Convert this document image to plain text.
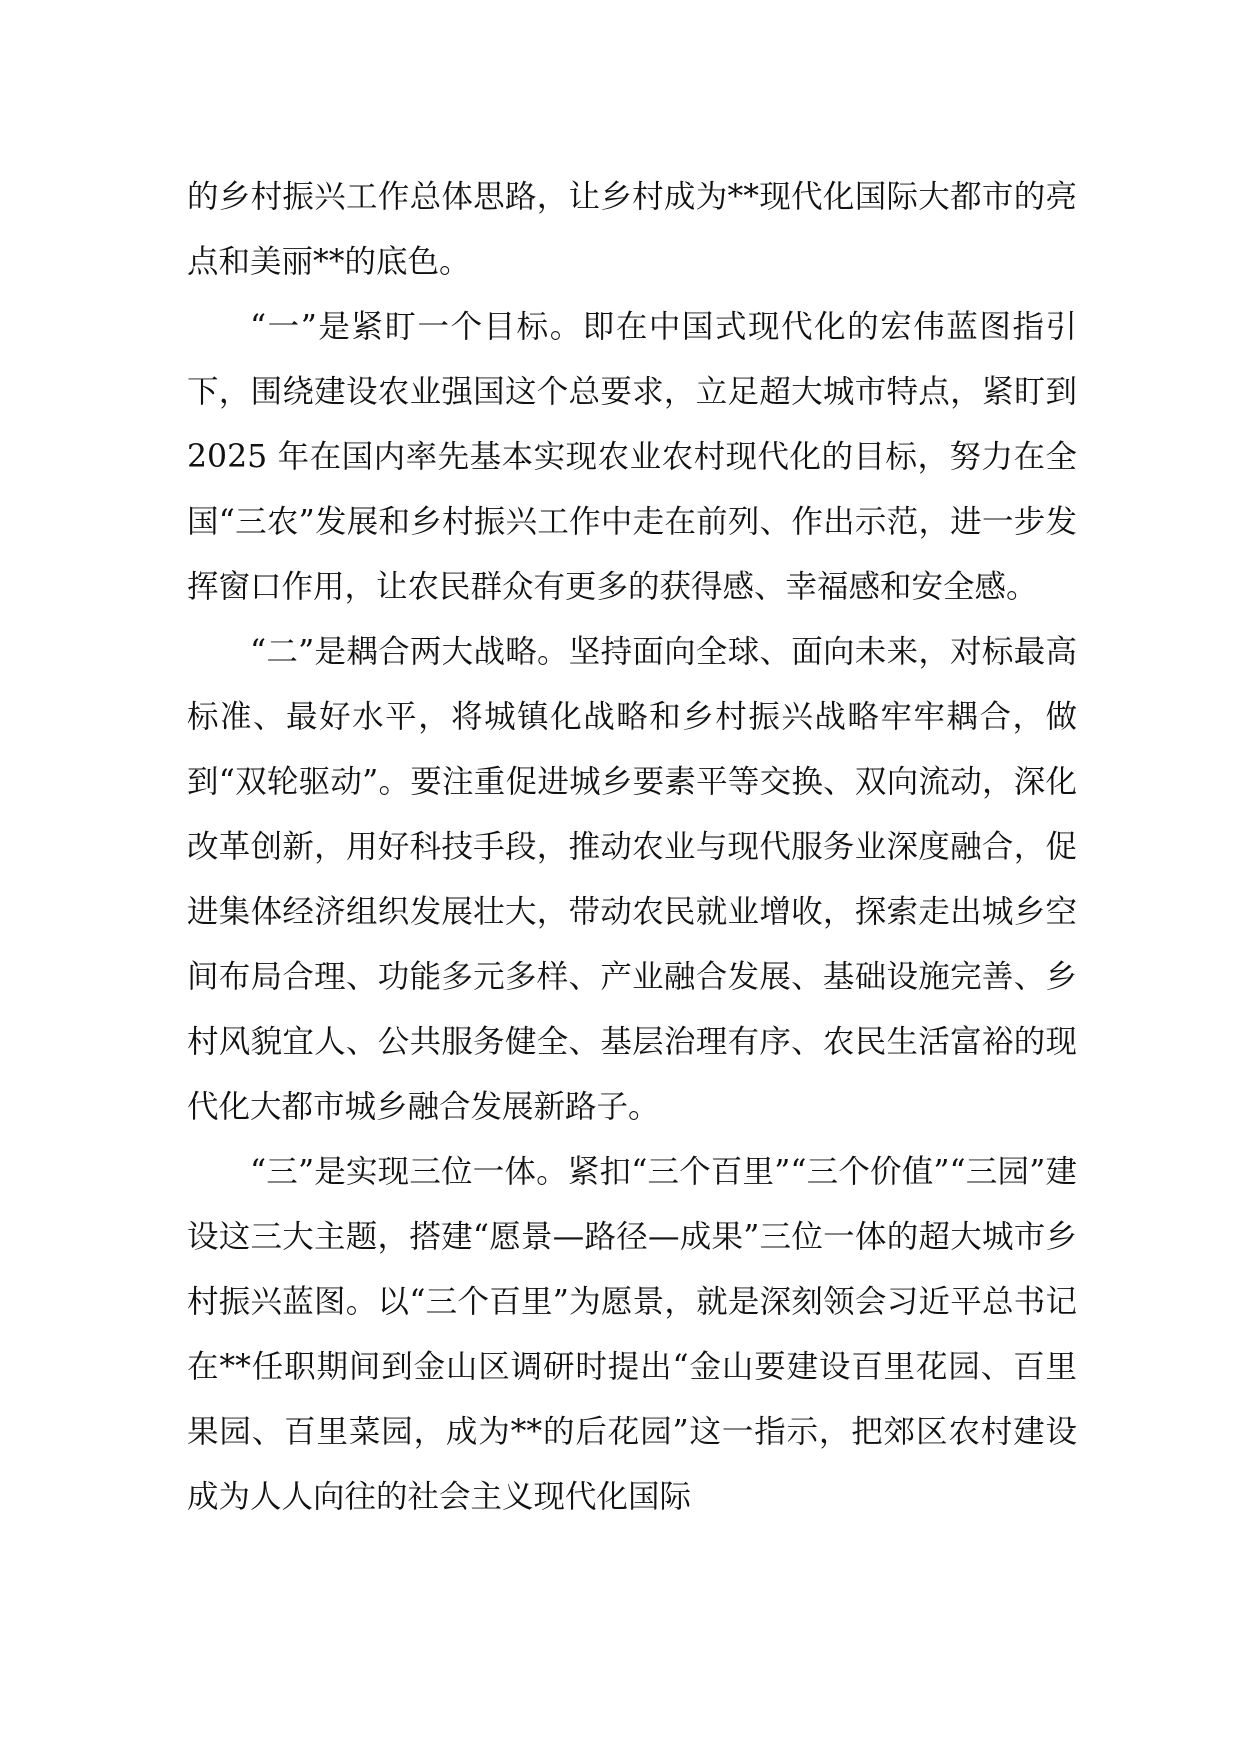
的乡村振兴工作总体思路，让乡村成为**现代化国际大都市的亮点和美丽**的底色。

“一”是紧盯一个目标。即在中国式现代化的宏伟蓝图指引下，围绕建设农业强国这个总要求，立足超大城市特点，紧盯到 2025 年在国内率先基本实现农业农村现代化的目标，努力在全国“三农”发展和乡村振兴工作中走在前列、作出示范，进一步发挥窗口作用，让农民群众有更多的获得感、幸福感和安全感。

“二”是耦合两大战略。坚持面向全球、面向未来，对标最高标准、最好水平，将城镇化战略和乡村振兴战略牢牢耦合，做到“双轮驱动”。要注重促进城乡要素平等交换、双向流动，深化改革创新，用好科技手段，推动农业与现代服务业深度融合，促进集体经济组织发展壮大，带动农民就业增收，探索走出城乡空间布局合理、功能多元多样、产业融合发展、基础设施完善、乡村风貌宜人、公共服务健全、基层治理有序、农民生活富裕的现代化大都市城乡融合发展新路子。

“三”是实现三位一体。紧扣“三个百里”“三个价值”“三园”建设这三大主题，搭建“愿景—路径—成果”三位一体的超大城市乡村振兴蓝图。以“三个百里”为愿景，就是深刻领会习近平总书记在**任职期间到金山区调研时提出“金山要建设百里花园、百里果园、百里菜园，成为**的后花园”这一指示，把郊区农村建设成为人人向往的社会主义现代化国际
